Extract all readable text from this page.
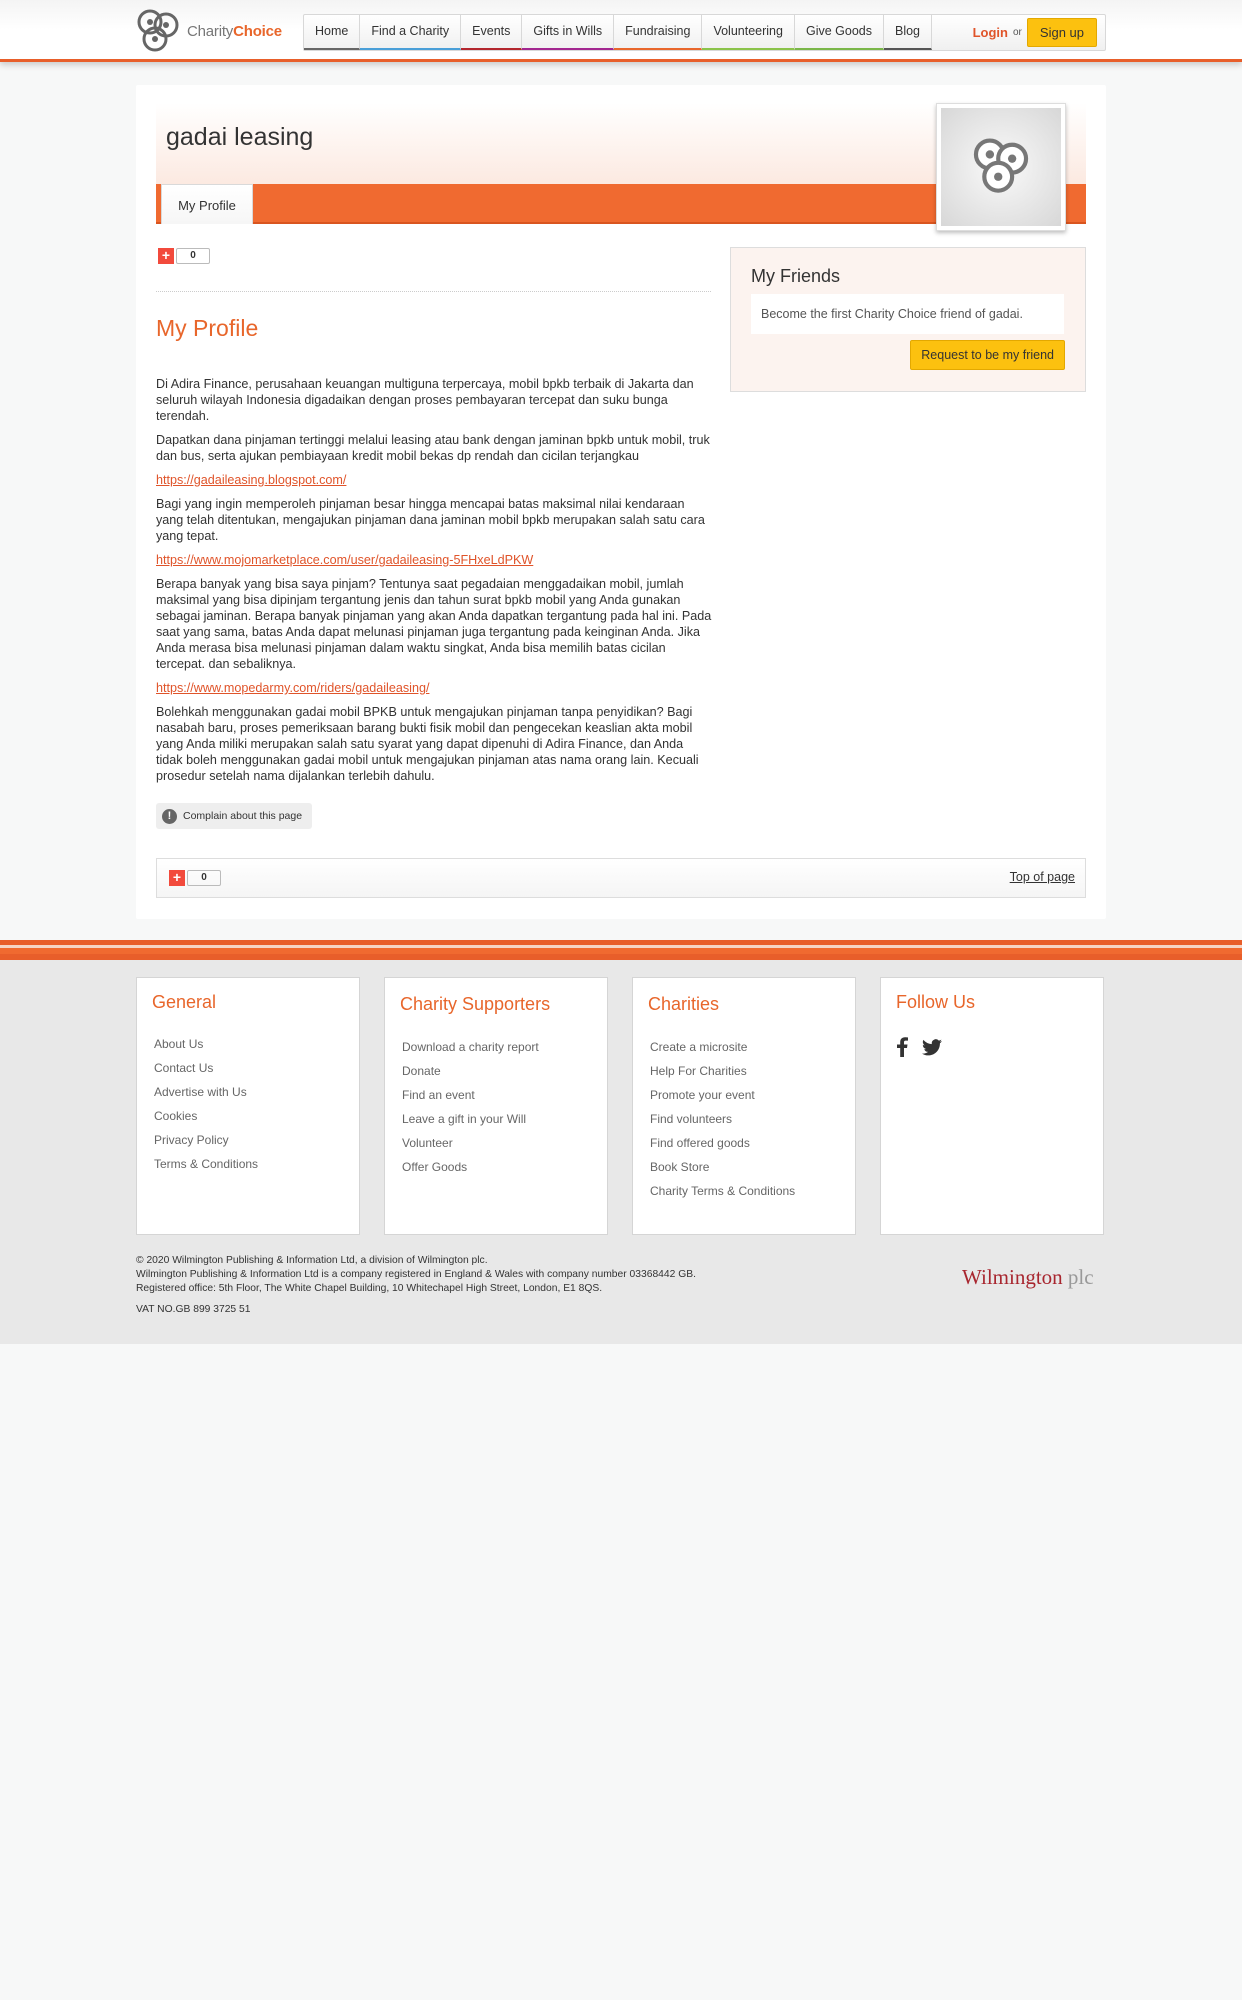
CharityChoice	Home	Find a Charity	Events	Gifts in Wills	Fundraising	Volunteering	Give Goods	Blog	Login or	Sign up
gadai leasing
My Profile
+	0
My Profile

Di Adira Finance, perusahaan keuangan multiguna terpercaya, mobil bpkb terbaik di Jakarta dan seluruh wilayah Indonesia digadaikan dengan proses pembayaran tercepat dan suku bunga terendah.

Dapatkan dana pinjaman tertinggi melalui leasing atau bank dengan jaminan bpkb untuk mobil, truk dan bus, serta ajukan pembiayaan kredit mobil bekas dp rendah dan cicilan terjangkau

https://gadaileasing.blogspot.com/

Bagi yang ingin memperoleh pinjaman besar hingga mencapai batas maksimal nilai kendaraan yang telah ditentukan, mengajukan pinjaman dana jaminan mobil bpkb merupakan salah satu cara yang tepat.

https://www.mojomarketplace.com/user/gadaileasing-5FHxeLdPKW

Berapa banyak yang bisa saya pinjam? Tentunya saat pegadaian menggadaikan mobil, jumlah maksimal yang bisa dipinjam tergantung jenis dan tahun surat bpkb mobil yang Anda gunakan sebagai jaminan. Berapa banyak pinjaman yang akan Anda dapatkan tergantung pada hal ini. Pada saat yang sama, batas Anda dapat melunasi pinjaman juga tergantung pada keinginan Anda. Jika Anda merasa bisa melunasi pinjaman dalam waktu singkat, Anda bisa memilih batas cicilan tercepat. dan sebaliknya.

https://www.mopedarmy.com/riders/gadaileasing/

Bolehkah menggunakan gadai mobil BPKB untuk mengajukan pinjaman tanpa penyidikan? Bagi nasabah baru, proses pemeriksaan barang bukti fisik mobil dan pengecekan keaslian akta mobil yang Anda miliki merupakan salah satu syarat yang dapat dipenuhi di Adira Finance, dan Anda tidak boleh menggunakan gadai mobil untuk mengajukan pinjaman atas nama orang lain. Kecuali prosedur setelah nama dijalankan terlebih dahulu.

!	Complain about this page
+	0	Top of page
My Friends
Become the first Charity Choice friend of gadai.
Request to be my friend
General
About Us
Contact Us
Advertise with Us
Cookies
Privacy Policy
Terms & Conditions
Charity Supporters
Download a charity report
Donate
Find an event
Leave a gift in your Will
Volunteer
Offer Goods
Charities
Create a microsite
Help For Charities
Promote your event
Find volunteers
Find offered goods
Book Store
Charity Terms & Conditions
Follow Us
© 2020 Wilmington Publishing & Information Ltd, a division of Wilmington plc.
Wilmington Publishing & Information Ltd is a company registered in England & Wales with company number 03368442 GB.
Registered office: 5th Floor, The White Chapel Building, 10 Whitechapel High Street, London, E1 8QS.
VAT NO.GB 899 3725 51
Wilmington plc
